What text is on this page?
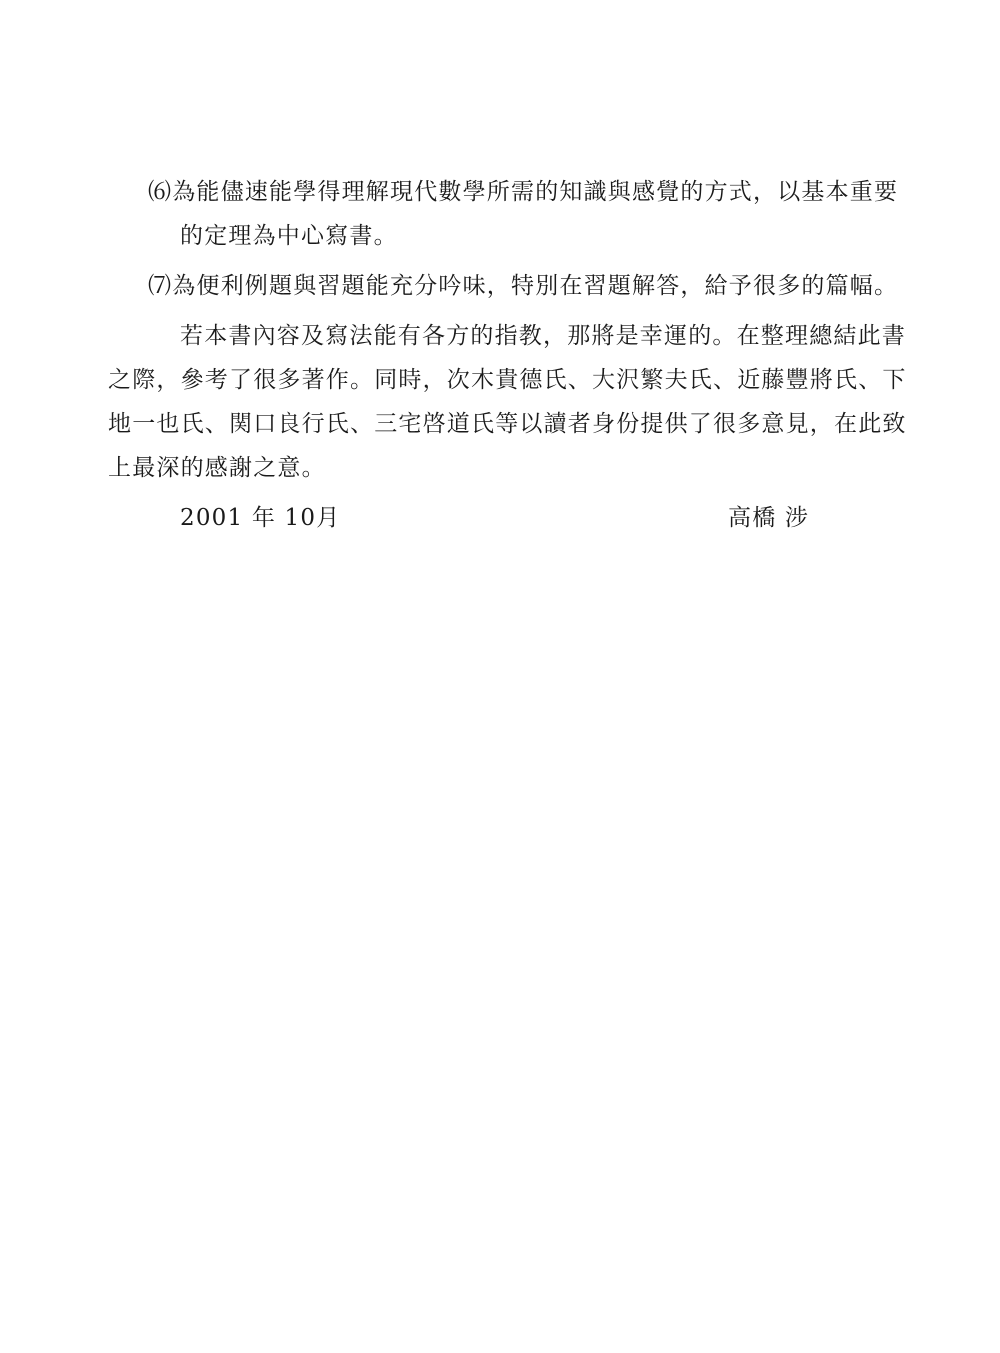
⑹為能儘速能學得理解現代數學所需的知識與感覺的方式，以基本重要
的定理為中心寫書。
⑺為便利例題與習題能充分吟味，特別在習題解答，給予很多的篇幅。
若本書內容及寫法能有各方的指教，那將是幸運的。在整理總結此書
之際，參考了很多著作。同時，次木貴德氏、大沢繁夫氏、近藤豐將氏、下
地一也氏、関口良行氏、三宅啓道氏等以讀者身份提供了很多意見，在此致
上最深的感謝之意。
2001 年 10月	高橋 涉
